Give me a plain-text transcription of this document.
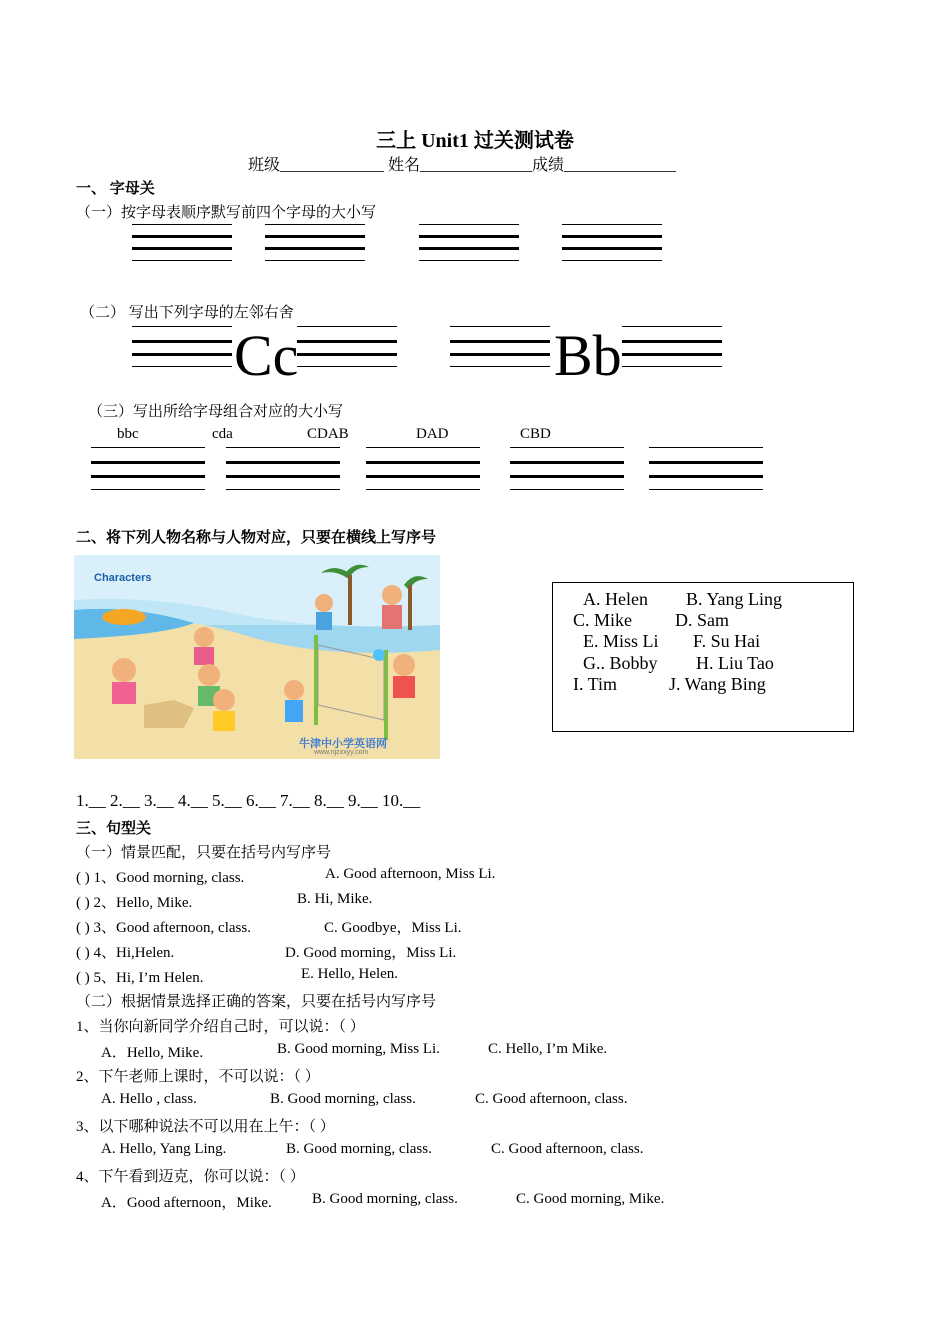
三上 Unit1 过关测试卷
班级_____________ 姓名______________成绩______________
一、 字母关
（一）按字母表顺序默写前四个字母的大小写
（二） 写出下列字母的左邻右舍
Cc	Bb
（三）写出所给字母组合对应的大小写
bbc	cda	CDAB	DAD	CBD
二、将下列人物名称与人物对应，只要在横线上写序号
Characters
牛津中小学英语网
www.njzxxyy.com
A. Helen B. Yang Ling
C. Mike D. Sam
E. Miss Li F. Su Hai
G.. Bobby H. Liu Tao
I. Tim	J. Wang Bing
1.__ 2.__ 3.__ 4.__ 5.__ 6.__ 7.__ 8.__ 9.__ 10.__
三、句型关
（一）情景匹配，只要在括号内写序号
( ) 1、Good morning, class.	A. Good afternoon, Miss Li.
( ) 2、Hello, Mike.	B. Hi, Mike.
( ) 3、Good afternoon, class.	C. Goodbye，Miss Li.
( ) 4、Hi,Helen.	D. Good morning，Miss Li.
( ) 5、Hi, I’m Helen.	E. Hello, Helen.
（二）根据情景选择正确的答案，只要在括号内写序号
1、当你向新同学介绍自己时，可以说：（ ）
A．Hello, Mike.	B. Good morning, Miss Li.	C. Hello, I’m Mike.
2、下午老师上课时，不可以说：（ ）
A. Hello , class.	B. Good morning, class.	C. Good afternoon, class.
3、以下哪种说法不可以用在上午：（ ）
A. Hello, Yang Ling.	B. Good morning, class.	C. Good afternoon, class.
4、下午看到迈克，你可以说：（ ）
A．Good afternoon，Mike.	B. Good morning, class.	C. Good morning, Mike.
